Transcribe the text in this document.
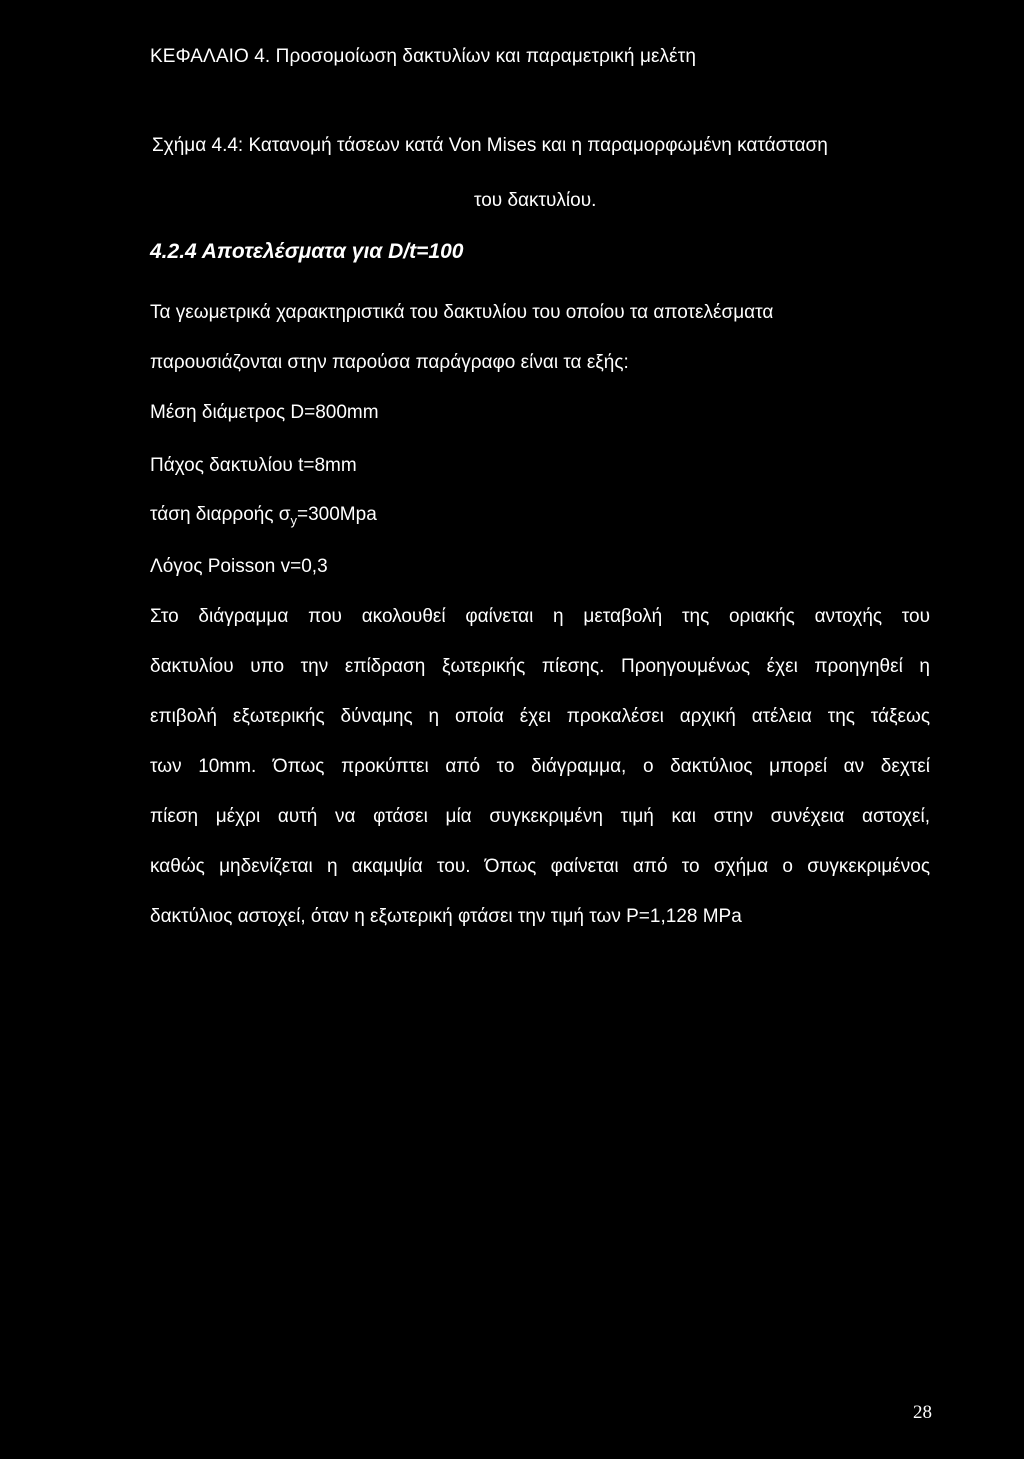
ΚΕΦΑΛΑΙΟ 4. Προσομοίωση δακτυλίων και παραμετρική μελέτη
Σχήμα 4.4: Κατανομή τάσεων κατά Von Mises και η παραμορφωμένη κατάσταση
του δακτυλίου.
4.2.4 Αποτελέσματα για D/t=100
Τα γεωμετρικά χαρακτηριστικά του δακτυλίου του οποίου τα αποτελέσματα
παρουσιάζονται στην παρούσα παράγραφο είναι τα εξής:
Μέση διάμετρος D=800mm
Πάχος δακτυλίου t=8mm
τάση διαρροής $\sigma_y=300Mpa$
Λόγος Poisson v=0,3
Στο διάγραμμα που ακολουθεί φαίνεται η μεταβολή της οριακής αντοχής του
δακτυλίου υπο την επίδραση ξωτερικής πίεσης. Προηγουμένως έχει προηγηθεί η
επιβολή εξωτερικής δύναμης η οποία έχει προκαλέσει αρχική ατέλεια της τάξεως
των 10mm. Όπως προκύπτει από το διάγραμμα, ο δακτύλιος μπορεί αν δεχτεί
πίεση μέχρι αυτή να φτάσει μία συγκεκριμένη τιμή και στην συνέχεια αστοχεί,
καθώς μηδενίζεται η ακαμψία του. Όπως φαίνεται από το σχήμα ο συγκεκριμένος
δακτύλιος αστοχεί, όταν η εξωτερική φτάσει την τιμή των P=1,128 MPa
28
